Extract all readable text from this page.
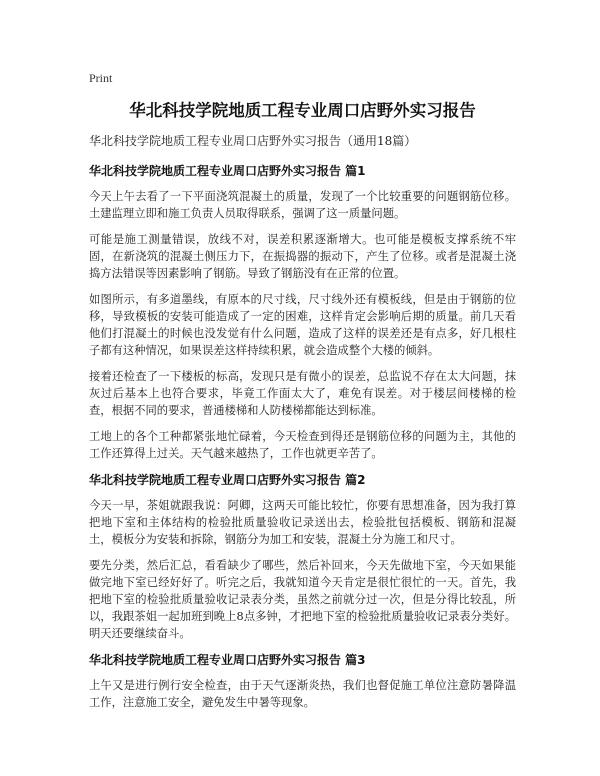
Print
华北科技学院地质工程专业周口店野外实习报告
华北科技学院地质工程专业周口店野外实习报告（通用18篇）
华北科技学院地质工程专业周口店野外实习报告 篇1

今天上午去看了一下平面浇筑混凝土的质量，发现了一个比较重要的问题钢筋位移。土建监理立即和施工负责人员取得联系，强调了这一质量问题。

可能是施工测量错误，放线不对，误差积累逐渐增大。也可能是模板支撑系统不牢固，在新浇筑的混凝土侧压力下，在振捣器的振动下，产生了位移。或者是混凝土浇捣方法错误等因素影响了钢筋。导致了钢筋没有在正常的位置。

如图所示，有多道墨线，有原本的尺寸线，尺寸线外还有模板线，但是由于钢筋的位移，导致模板的安装可能造成了一定的困难，这样肯定会影响后期的质量。前几天看他们打混凝土的时候也没发觉有什么问题，造成了这样的误差还是有点多，好几根柱子都有这种情况，如果误差这样持续积累，就会造成整个大楼的倾斜。

接着还检查了一下楼板的标高，发现只是有微小的误差，总监说不存在太大问题，抹灰过后基本上也符合要求，毕竟工作面太大了，难免有误差。对于楼层间楼梯的检查，根据不同的要求，普通楼梯和人防楼梯都能达到标准。

工地上的各个工种都紧张地忙碌着，今天检查到得还是钢筋位移的问题为主，其他的工作还算得上过关。天气越来越热了，工作也就更辛苦了。

华北科技学院地质工程专业周口店野外实习报告 篇2

今天一早，茶姐就跟我说：阿卿，这两天可能比较忙，你要有思想准备，因为我打算把地下室和主体结构的检验批质量验收记录送出去，检验批包括模板、钢筋和混凝土，模板分为安装和拆除，钢筋分为加工和安装，混凝土分为施工和尺寸。

要先分类，然后汇总，看看缺少了哪些，然后补回来，今天先做地下室，今天如果能做完地下室已经好好了。听完之后，我就知道今天肯定是很忙很忙的一天。首先，我把地下室的检验批质量验收记录表分类，虽然之前就分过一次，但是分得比较乱，所以，我跟茶姐一起加班到晚上8点多钟，才把地下室的检验批质量验收记录表分类好。明天还要继续奋斗。

华北科技学院地质工程专业周口店野外实习报告 篇3

上午又是进行例行安全检查，由于天气逐渐炎热，我们也督促施工单位注意防暑降温工作，注意施工安全，避免发生中暑等现象。
